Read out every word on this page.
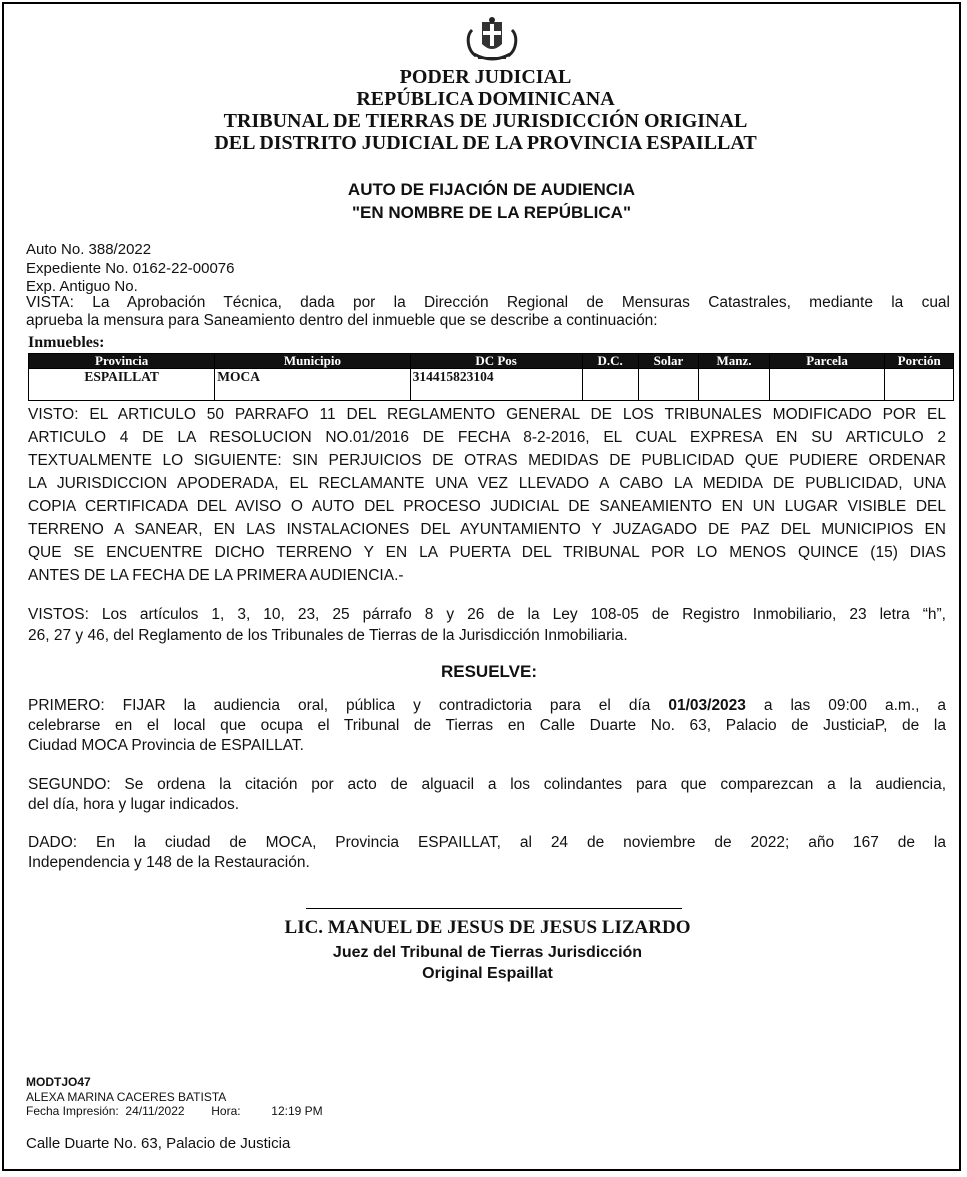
PODER JUDICIAL
REPÚBLICA DOMINICANA
TRIBUNAL DE TIERRAS DE JURISDICCIÓN ORIGINAL
DEL DISTRITO JUDICIAL DE LA PROVINCIA ESPAILLAT
AUTO DE FIJACIÓN DE AUDIENCIA
"EN NOMBRE DE LA REPÚBLICA"
Auto No. 388/2022
Expediente No. 0162-22-00076
Exp. Antiguo No.
VISTA: La Aprobación Técnica, dada por la Dirección Regional de Mensuras Catastrales, mediante la cual
aprueba la mensura para Saneamiento dentro del inmueble que se describe a continuación:
Inmuebles:
Provincia	Municipio	DC Pos	D.C.	Solar	Manz.	Parcela	Porción
ESPAILLAT	MOCA	314415823104					
VISTO: EL ARTICULO 50 PARRAFO 11 DEL REGLAMENTO GENERAL DE LOS TRIBUNALES MODIFICADO POR EL
ARTICULO 4 DE LA RESOLUCION NO.01/2016 DE FECHA 8-2-2016, EL CUAL EXPRESA EN SU ARTICULO 2
TEXTUALMENTE LO SIGUIENTE: SIN PERJUICIOS DE OTRAS MEDIDAS DE PUBLICIDAD QUE PUDIERE ORDENAR
LA JURISDICCION APODERADA, EL RECLAMANTE UNA VEZ LLEVADO A CABO LA MEDIDA DE PUBLICIDAD, UNA
COPIA CERTIFICADA DEL AVISO O AUTO DEL PROCESO JUDICIAL DE SANEAMIENTO EN UN LUGAR VISIBLE DEL
TERRENO A SANEAR, EN LAS INSTALACIONES DEL AYUNTAMIENTO Y JUZAGADO DE PAZ DEL MUNICIPIOS EN
QUE SE ENCUENTRE DICHO TERRENO Y EN LA PUERTA DEL TRIBUNAL POR LO MENOS QUINCE (15) DIAS
ANTES DE LA FECHA DE LA PRIMERA AUDIENCIA.-
VISTOS: Los artículos 1, 3, 10, 23, 25 párrafo 8 y 26 de la Ley 108-05 de Registro Inmobiliario, 23 letra “h”,
26, 27 y 46, del Reglamento de los Tribunales de Tierras de la Jurisdicción Inmobiliaria.
RESUELVE:
PRIMERO: FIJAR la audiencia oral, pública y contradictoria para el día 01/03/2023 a las 09:00 a.m., a
celebrarse en el local que ocupa el Tribunal de Tierras en Calle Duarte No. 63, Palacio de JusticiaP, de la
Ciudad MOCA Provincia de ESPAILLAT.
SEGUNDO: Se ordena la citación por acto de alguacil a los colindantes para que comparezcan a la audiencia,
del día, hora y lugar indicados.
DADO: En la ciudad de MOCA, Provincia ESPAILLAT, al 24 de noviembre de 2022; año 167 de la
Independencia y 148 de la Restauración.
LIC. MANUEL DE JESUS DE JESUS LIZARDO
Juez del Tribunal de Tierras Jurisdicción
Original Espaillat
MODTJO47
ALEXA MARINA CACERES BATISTA
Fecha Impresión: 24/11/2022 Hora:	12:19 PM
Calle Duarte No. 63, Palacio de Justicia
